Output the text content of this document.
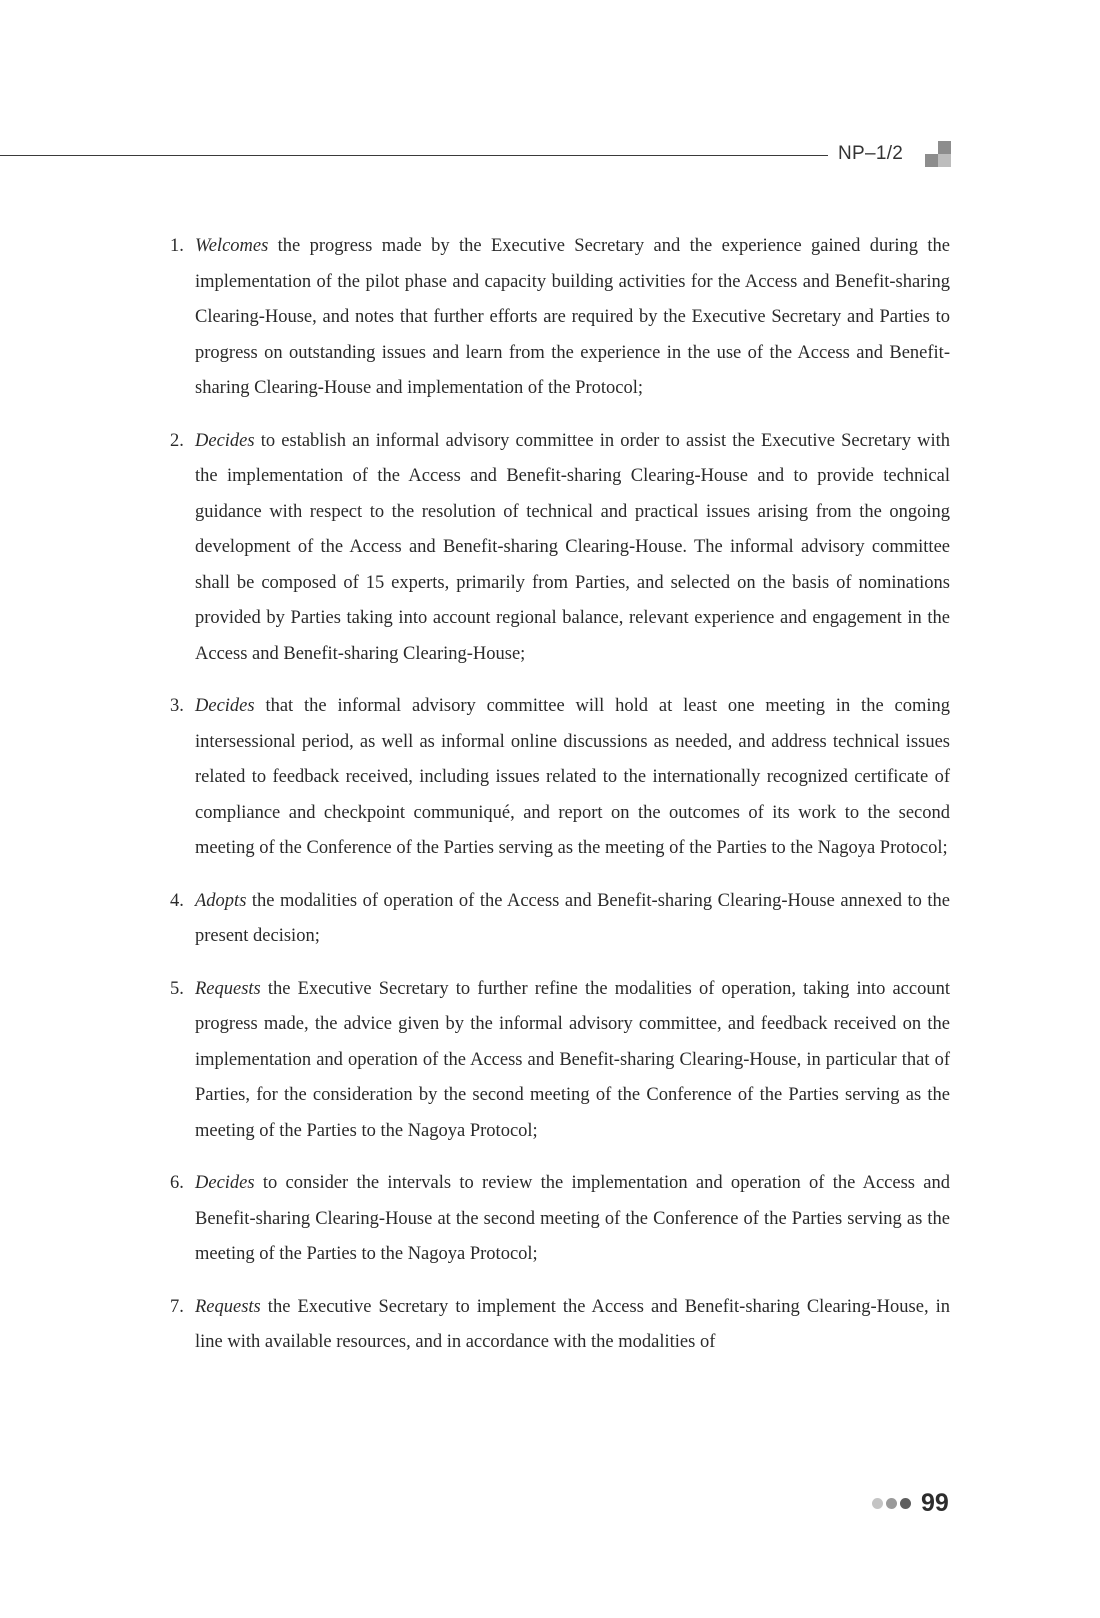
NP–1/2
1. Welcomes the progress made by the Executive Secretary and the experience gained during the implementation of the pilot phase and capacity building activities for the Access and Benefit-sharing Clearing-House, and notes that further efforts are required by the Executive Secretary and Parties to progress on outstanding issues and learn from the experience in the use of the Access and Benefit-sharing Clearing-House and implementation of the Protocol;
2. Decides to establish an informal advisory committee in order to assist the Executive Secretary with the implementation of the Access and Benefit-sharing Clearing-House and to provide technical guidance with respect to the resolution of technical and practical issues arising from the ongoing development of the Access and Benefit-sharing Clearing-House. The informal advisory committee shall be composed of 15 experts, primarily from Parties, and selected on the basis of nominations provided by Parties taking into account regional balance, relevant experience and engagement in the Access and Benefit-sharing Clearing-House;
3. Decides that the informal advisory committee will hold at least one meeting in the coming intersessional period, as well as informal online discussions as needed, and address technical issues related to feedback received, including issues related to the internationally recognized certificate of compliance and checkpoint communiqué, and report on the outcomes of its work to the second meeting of the Conference of the Parties serving as the meeting of the Parties to the Nagoya Protocol;
4. Adopts the modalities of operation of the Access and Benefit-sharing Clearing-House annexed to the present decision;
5. Requests the Executive Secretary to further refine the modalities of operation, taking into account progress made, the advice given by the informal advisory committee, and feedback received on the implementation and operation of the Access and Benefit-sharing Clearing-House, in particular that of Parties, for the consideration by the second meeting of the Conference of the Parties serving as the meeting of the Parties to the Nagoya Protocol;
6. Decides to consider the intervals to review the implementation and operation of the Access and Benefit-sharing Clearing-House at the second meeting of the Conference of the Parties serving as the meeting of the Parties to the Nagoya Protocol;
7. Requests the Executive Secretary to implement the Access and Benefit-sharing Clearing-House, in line with available resources, and in accordance with the modalities of
99
